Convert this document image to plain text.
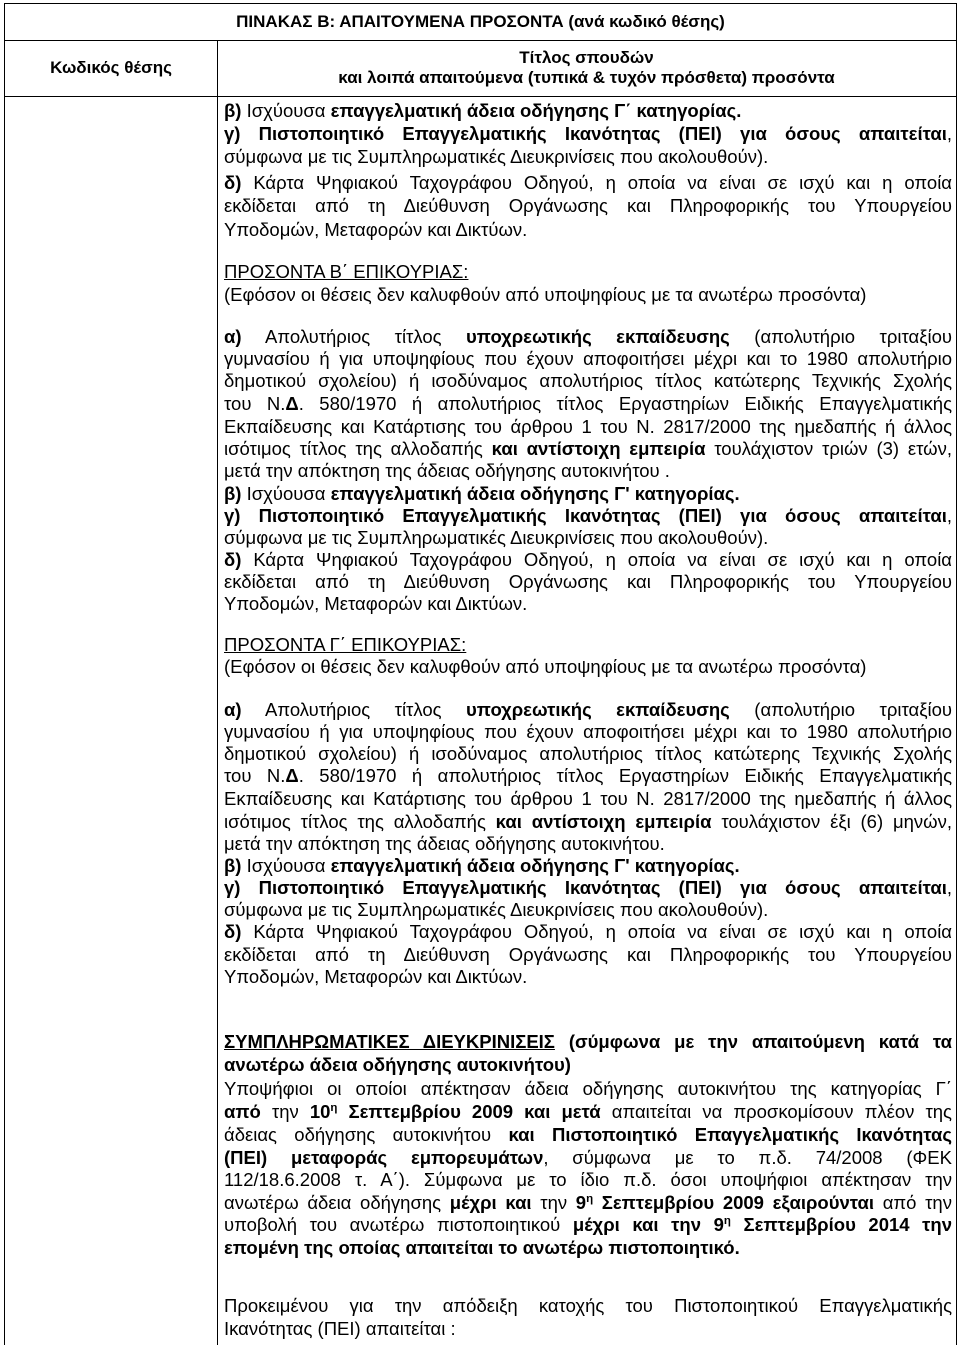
ΠΙΝΑΚΑΣ Β: ΑΠΑΙΤΟΥΜΕΝΑ ΠΡΟΣΟΝΤΑ (ανά κωδικό θέσης)
Κωδικός θέσης
Τίτλος σπουδών
και λοιπά απαιτούμενα (τυπικά & τυχόν πρόσθετα) προσόντα
β) Ισχύουσα επαγγελματική άδεια οδήγησης Γ΄ κατηγορίας.
γ) Πιστοποιητικό Επαγγελματικής Ικανότητας (ΠΕΙ) για όσους απαιτείται,
σύμφωνα με τις Συμπληρωματικές Διευκρινίσεις που ακολουθούν).
δ) Κάρτα Ψηφιακού Ταχογράφου Οδηγού, η οποία να είναι σε ισχύ και η οποία
εκδίδεται από τη Διεύθυνση Οργάνωσης και Πληροφορικής του Υπουργείου
Υποδομών, Μεταφορών και Δικτύων.
ΠΡΟΣΟΝΤΑ Β΄ ΕΠΙΚΟΥΡΙΑΣ:
(Εφόσον οι θέσεις δεν καλυφθούν από υποψηφίους με τα ανωτέρω προσόντα)
α) Απολυτήριος τίτλος υποχρεωτικής εκπαίδευσης (απολυτήριο τριταξίου
γυμνασίου ή για υποψηφίους που έχουν αποφοιτήσει μέχρι και το 1980 απολυτήριο
δημοτικού σχολείου) ή ισοδύναμος απολυτήριος τίτλος κατώτερης Τεχνικής Σχολής
του Ν.Δ. 580/1970 ή απολυτήριος τίτλος Εργαστηρίων Ειδικής Επαγγελματικής
Εκπαίδευσης και Κατάρτισης του άρθρου 1 του Ν. 2817/2000 της ημεδαπής ή άλλος
ισότιμος τίτλος της αλλοδαπής και αντίστοιχη εμπειρία τουλάχιστον τριών (3) ετών,
μετά την απόκτηση της άδειας οδήγησης αυτοκινήτου .
β) Ισχύουσα επαγγελματική άδεια οδήγησης Γ' κατηγορίας.
γ) Πιστοποιητικό Επαγγελματικής Ικανότητας (ΠΕΙ) για όσους απαιτείται,
σύμφωνα με τις Συμπληρωματικές Διευκρινίσεις που ακολουθούν).
δ) Κάρτα Ψηφιακού Ταχογράφου Οδηγού, η οποία να είναι σε ισχύ και η οποία
εκδίδεται από τη Διεύθυνση Οργάνωσης και Πληροφορικής του Υπουργείου
Υποδομών, Μεταφορών και Δικτύων.
ΠΡΟΣΟΝΤΑ Γ΄ ΕΠΙΚΟΥΡΙΑΣ:
(Εφόσον οι θέσεις δεν καλυφθούν από υποψηφίους με τα ανωτέρω προσόντα)
α) Απολυτήριος τίτλος υποχρεωτικής εκπαίδευσης (απολυτήριο τριταξίου
γυμνασίου ή για υποψηφίους που έχουν αποφοιτήσει μέχρι και το 1980 απολυτήριο
δημοτικού σχολείου) ή ισοδύναμος απολυτήριος τίτλος κατώτερης Τεχνικής Σχολής
του Ν.Δ. 580/1970 ή απολυτήριος τίτλος Εργαστηρίων Ειδικής Επαγγελματικής
Εκπαίδευσης και Κατάρτισης του άρθρου 1 του Ν. 2817/2000 της ημεδαπής ή άλλος
ισότιμος τίτλος της αλλοδαπής και αντίστοιχη εμπειρία τουλάχιστον έξι (6) μηνών,
μετά την απόκτηση της άδειας οδήγησης αυτοκινήτου.
β) Ισχύουσα επαγγελματική άδεια οδήγησης Γ' κατηγορίας.
γ) Πιστοποιητικό Επαγγελματικής Ικανότητας (ΠΕΙ) για όσους απαιτείται,
σύμφωνα με τις Συμπληρωματικές Διευκρινίσεις που ακολουθούν).
δ) Κάρτα Ψηφιακού Ταχογράφου Οδηγού, η οποία να είναι σε ισχύ και η οποία
εκδίδεται από τη Διεύθυνση Οργάνωσης και Πληροφορικής του Υπουργείου
Υποδομών, Μεταφορών και Δικτύων.
ΣΥΜΠΛΗΡΩΜΑΤΙΚΕΣ ΔΙΕΥΚΡΙΝΙΣΕΙΣ (σύμφωνα με την απαιτούμενη κατά τα
ανωτέρω άδεια οδήγησης αυτοκινήτου)
Υποψήφιοι οι οποίοι απέκτησαν άδεια οδήγησης αυτοκινήτου της κατηγορίας Γ΄
από την $10^\eta$ Σεπτεμβρίου 2009 και μετά απαιτείται να προσκομίσουν πλέον της
άδειας οδήγησης αυτοκινήτου και Πιστοποιητικό Επαγγελματικής Ικανότητας
(ΠΕΙ) μεταφοράς εμπορευμάτων, σύμφωνα με το π.δ. 74/2008 (ΦΕΚ
112/18.6.2008 τ. Α΄). Σύμφωνα με το ίδιο π.δ. όσοι υποψήφιοι απέκτησαν την
ανωτέρω άδεια οδήγησης μέχρι και την $9^\eta$ Σεπτεμβρίου 2009 εξαιρούνται από την
υποβολή του ανωτέρω πιστοποιητικού μέχρι και την $9^\eta$ Σεπτεμβρίου 2014 την
επομένη της οποίας απαιτείται το ανωτέρω πιστοποιητικό.
Προκειμένου για την απόδειξη κατοχής του Πιστοποιητικού Επαγγελματικής
Ικανότητας (ΠΕΙ) απαιτείται :
